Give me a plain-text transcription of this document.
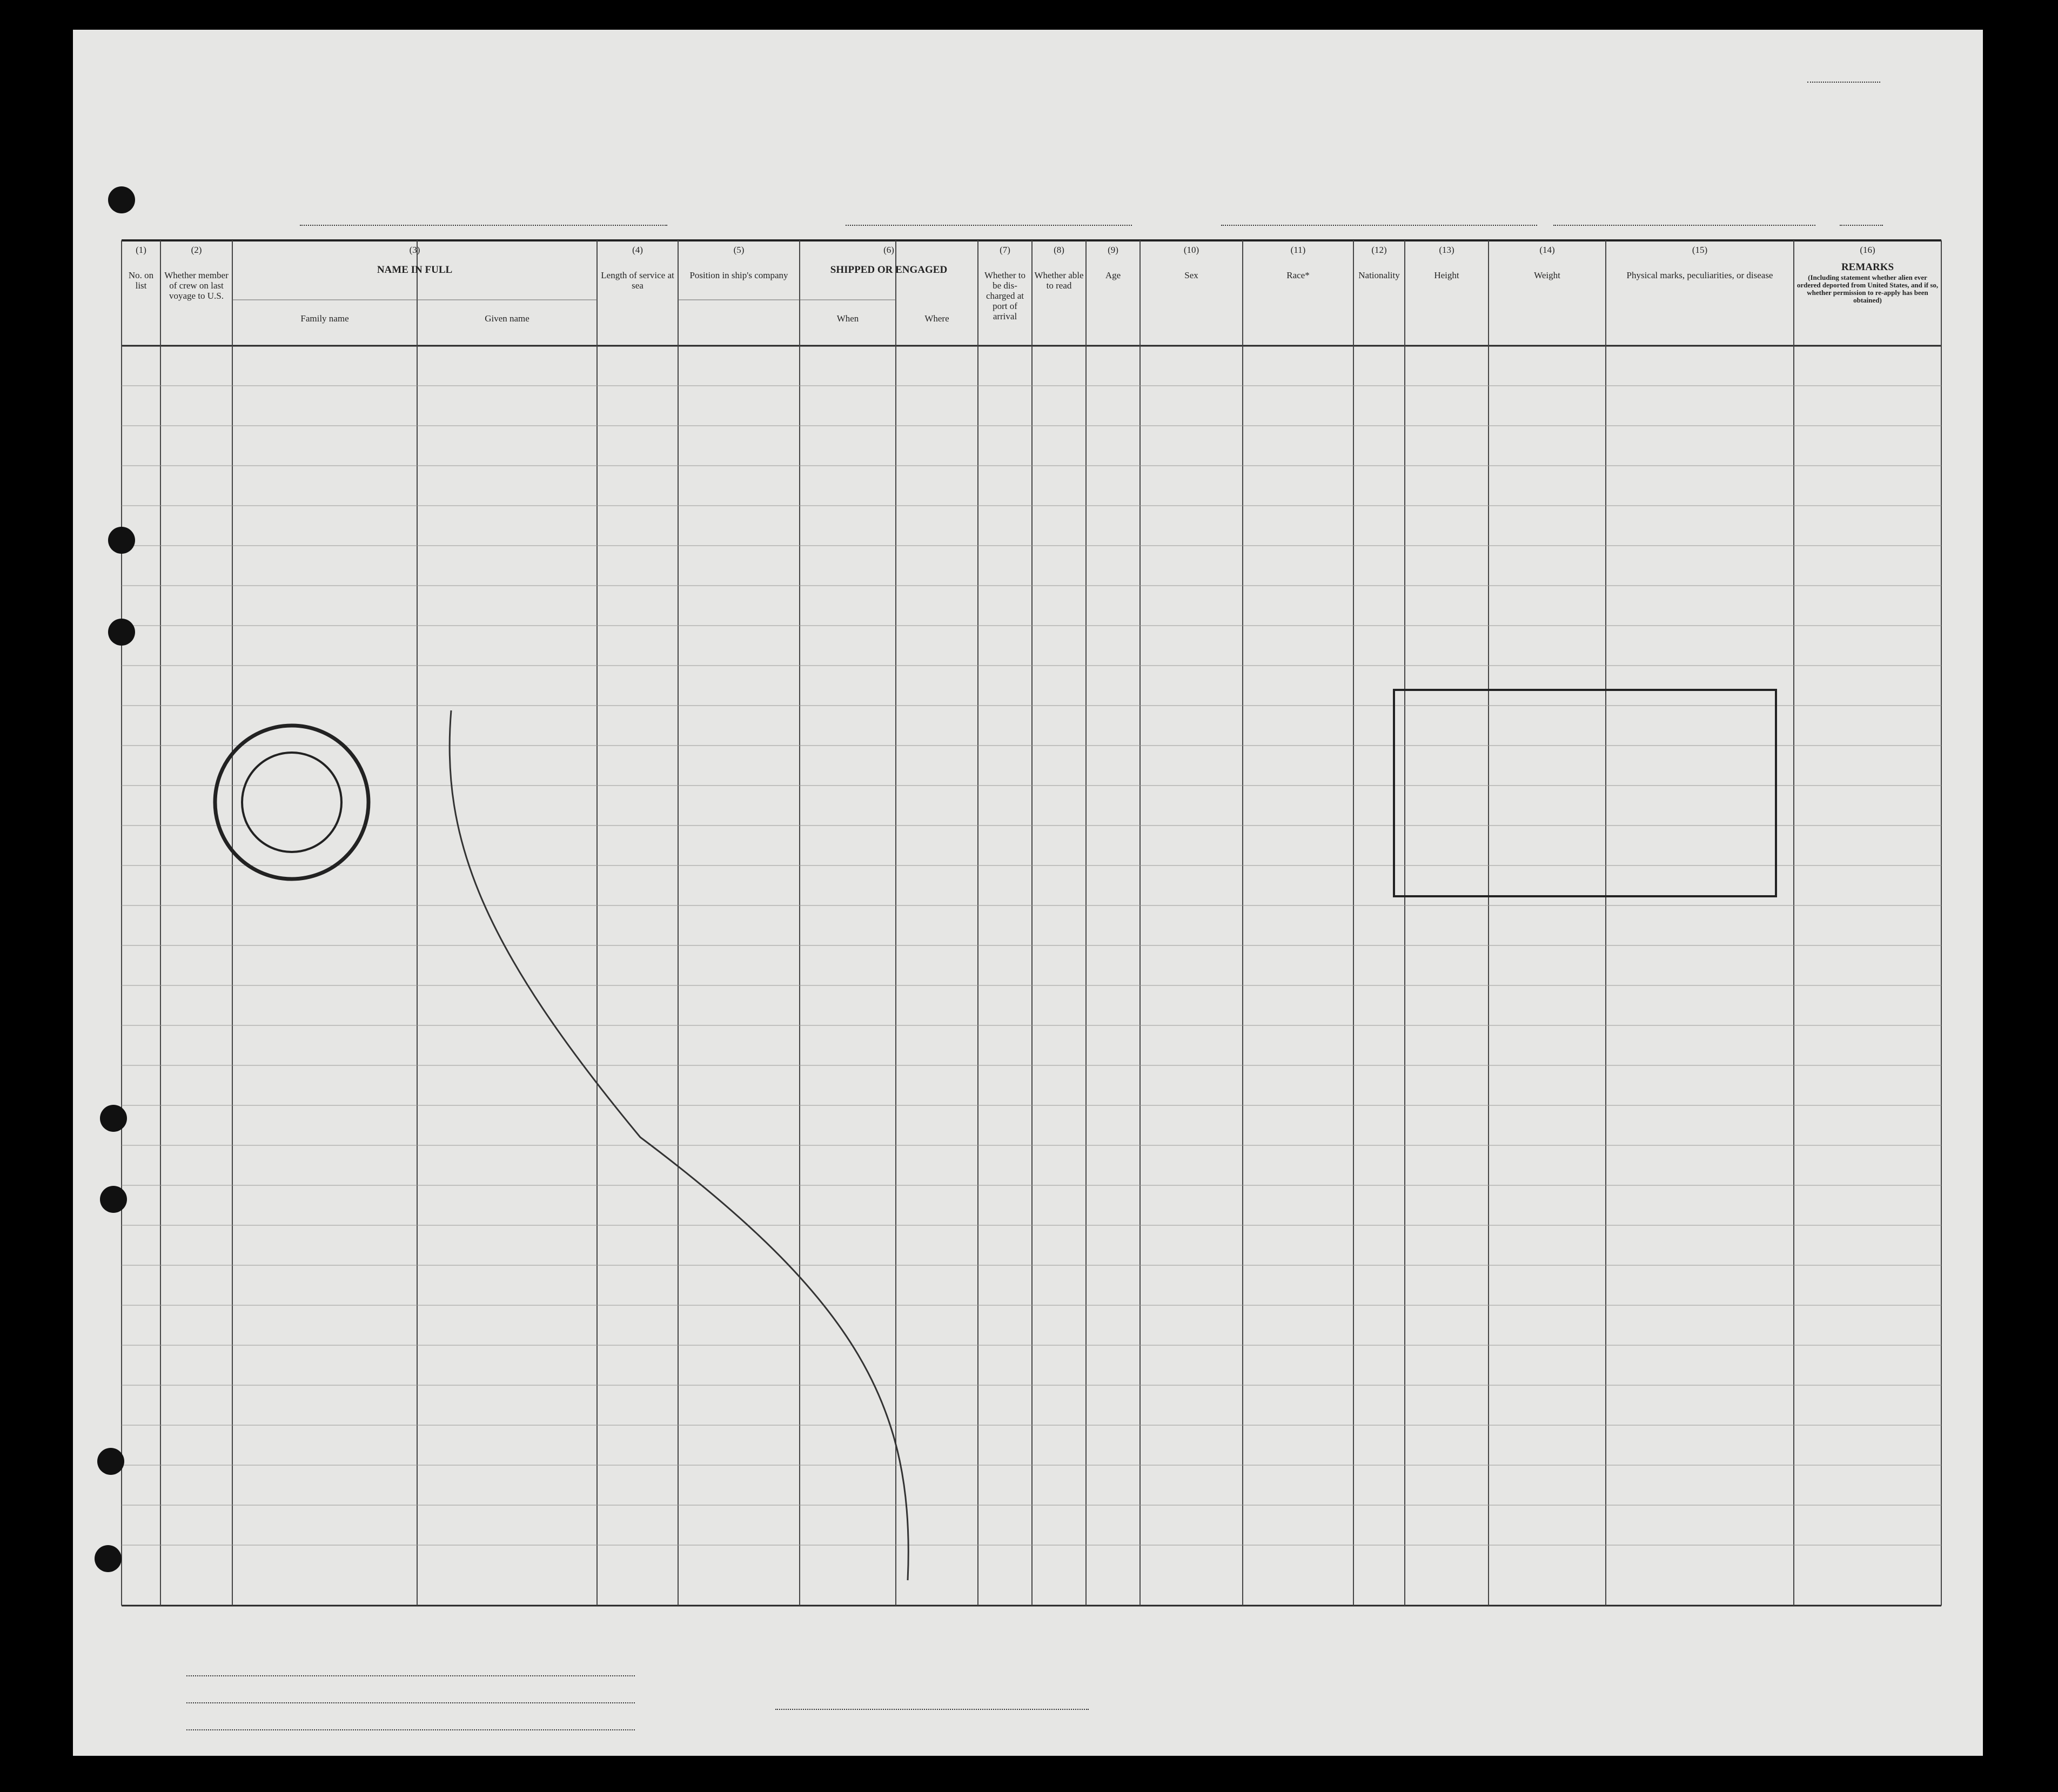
(1)
No. on list
(2)
Whether member of crew on last voyage to U.S.
(3)
NAME IN FULL
Family name	Given name
(4)
Length of service at sea
(5)
Position in ship's company
(6)
SHIPPED OR ENGAGED
When	Where
(7)
Whether to be dis-charged at port of arrival
(8)
Whether able to read
(9)
Age
(10)
Sex
(11)
Race*
(12)
Nationality
(13)
Height
(14)
Weight
(15)
Physical marks, peculiarities, or disease
(16)
REMARKS
(Including statement whether alien ever ordered deported from United States, and if so, whether permission to re-apply has been obtained)
